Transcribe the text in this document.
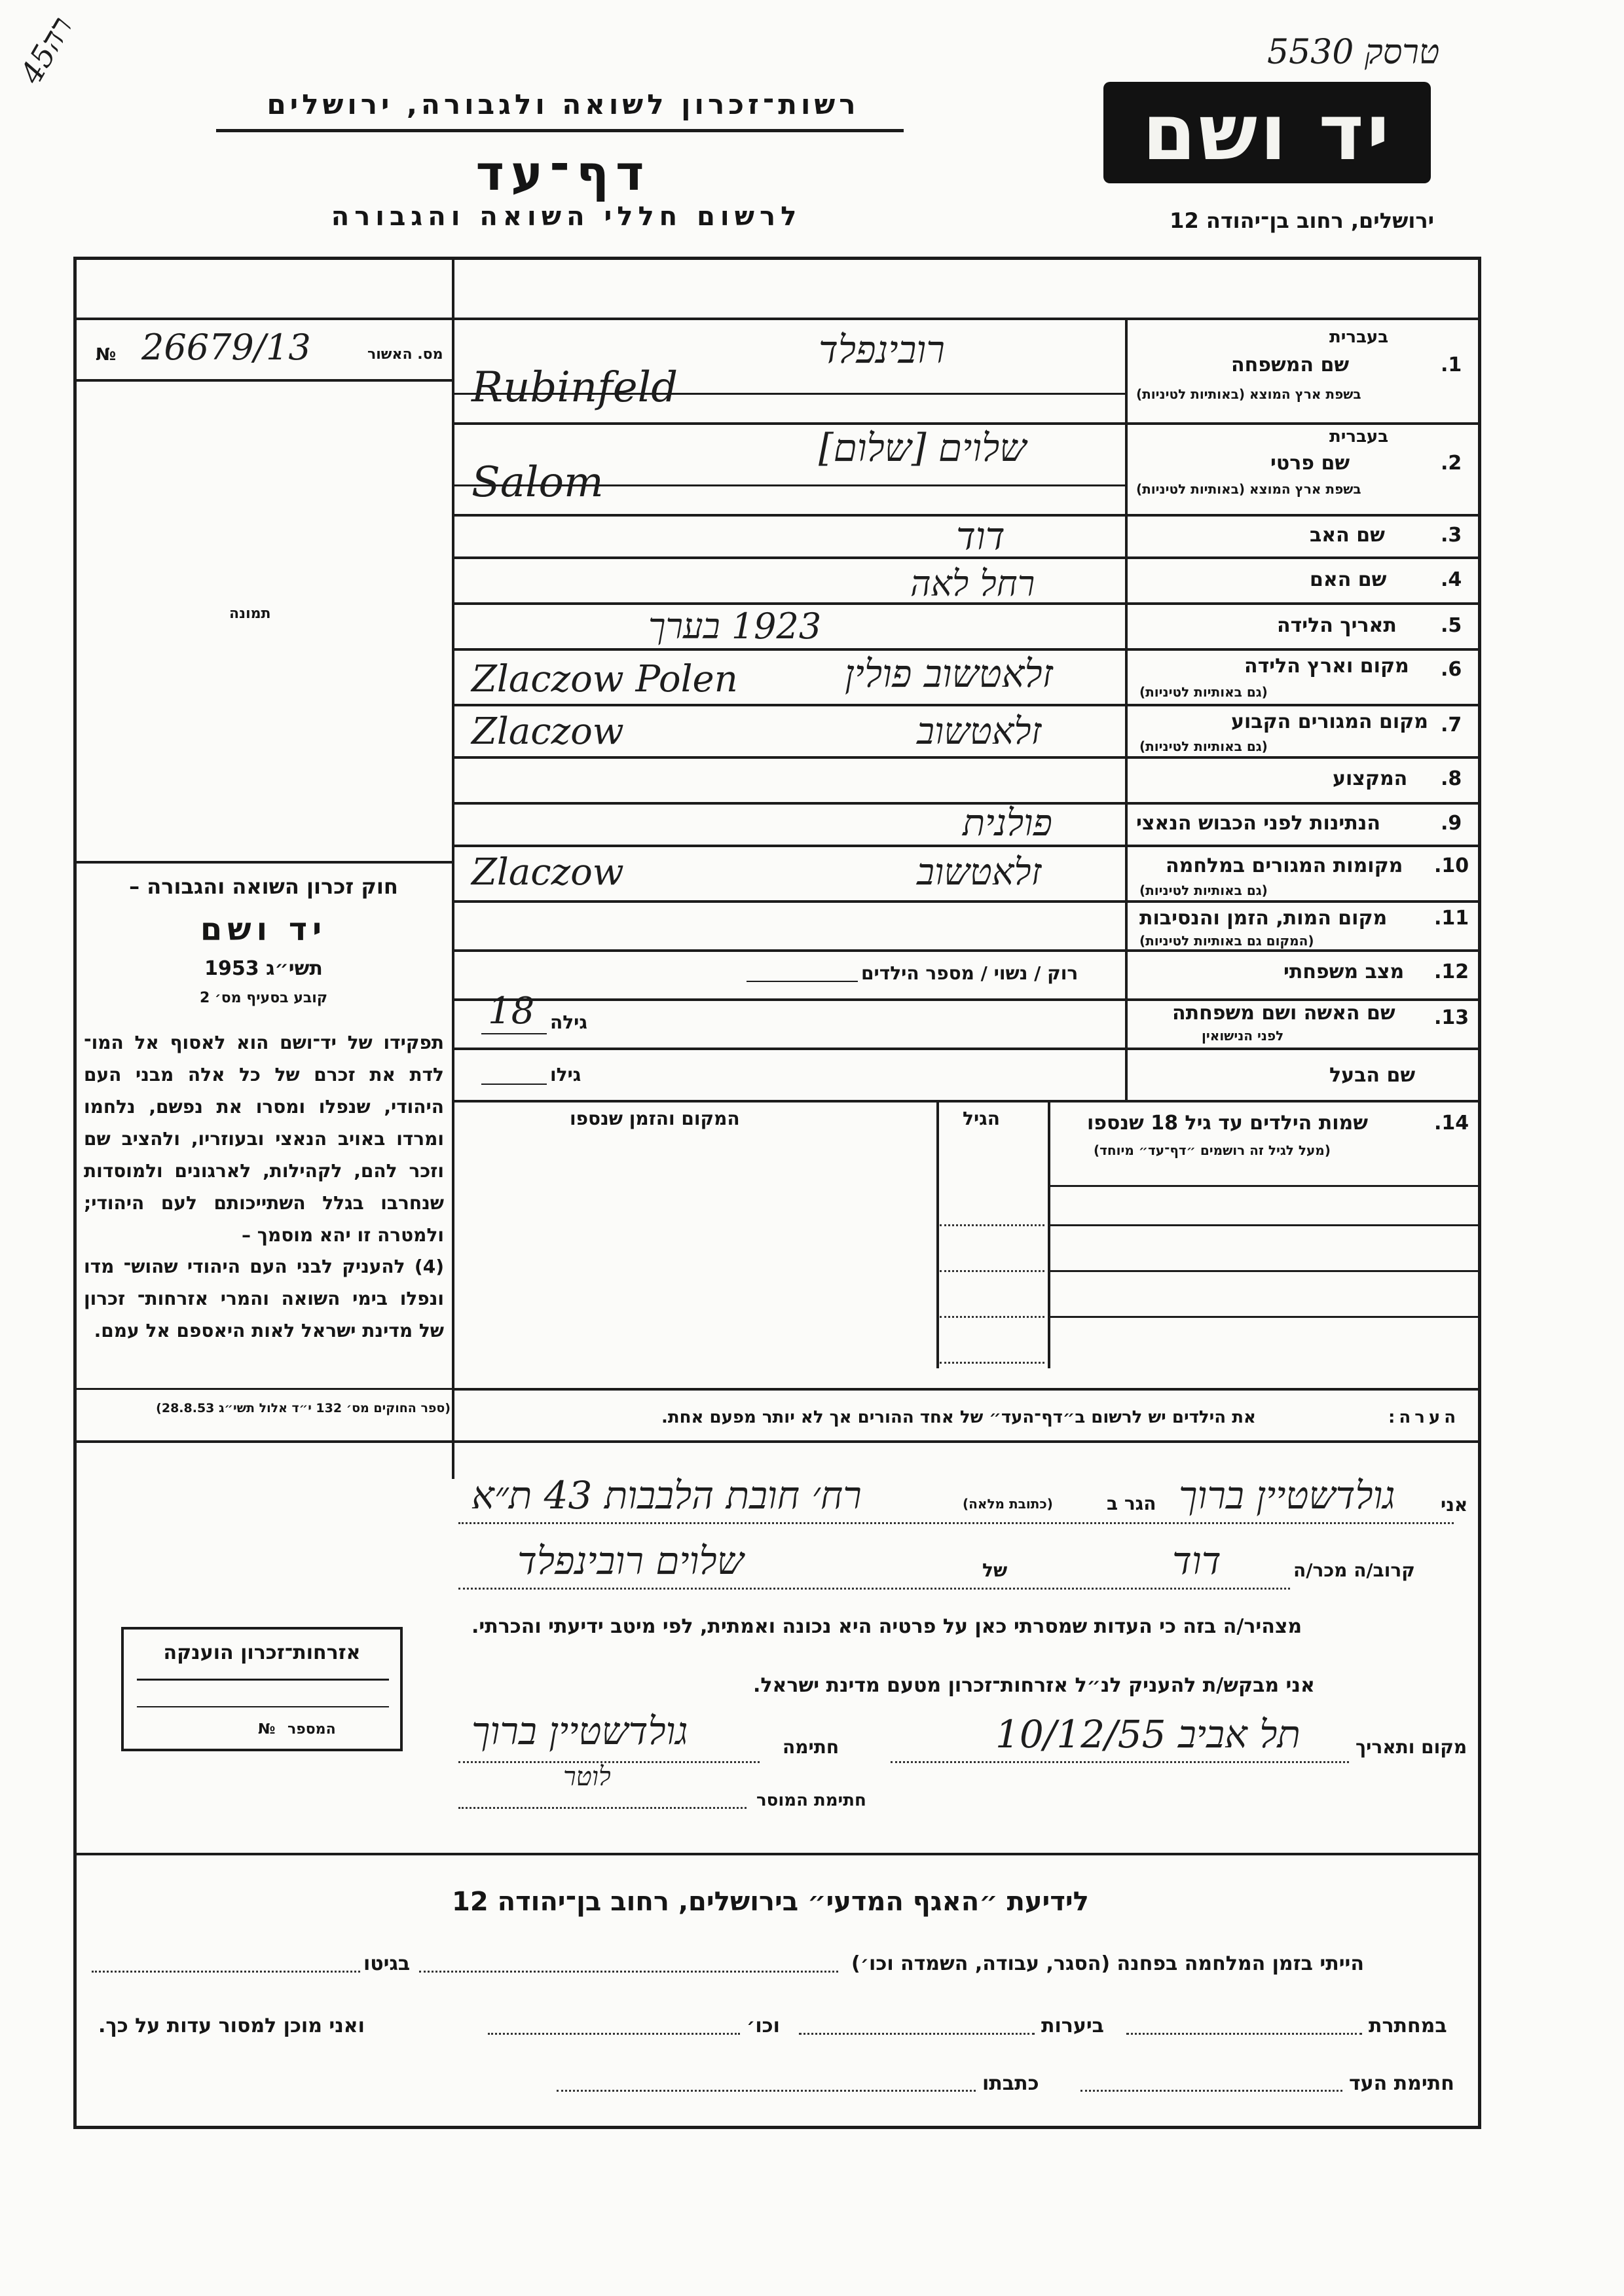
טרסק 5530
רה45
רשות־זכרון לשואה ולגבורה, ירושלים
דף־עד
לרשום חללי השואה והגבורה
יד ושם
ירושלים, רחוב בן־יהודה 12
№ 26679/13	מס. האשור
תמונה
חוק זכרון השואה והגבורה –
יד ושם
תשי״ג 1953
קובע בסעיף מס׳ 2
תפקידו של יד־ושם הוא לאסוף אל המו־ לדת את זכרם של כל אלה מבני העם היהודי, שנפלו ומסרו את נפשם, נלחמו ומרדו באויב הנאצי ובעוזריו, ולהציב שם וזכר להם, לקהילות, לארגונים ולמוסדות שנחרבו בגלל השתייכותם לעם היהודי; ולמטרה זו יהא מוסמך –
(4) להעניק לבני העם היהודי שהוש־ מדו ונפלו בימי השואה והמרי אזרחות־ זכרון של מדינת ישראל לאות היאספם אל עמם.
(ספר החוקים מס׳ 132 י״ד אלול תשי״ג 28.8.53)
בעברית
1.
שם המשפחה
בשפת ארץ המוצא (באותיות לטיניות)
רובינפלד
Rubinfeld
בעברית
2.
שם פרטי
בשפת ארץ המוצא (באותיות לטיניות)
שלוים [שלום]
Salom
3.
שם האב
דוד
4.
שם האם
רחל לאה
5.
תאריך הלידה
1923 בערך
6.
מקום וארץ הלידה
(גם באותיות לטיניות)
זלאטשוב פולין
Zlaczow Polen
7.
מקום המגורים הקבוע
(גם באותיות לטיניות)
זלאטשוב
Zlaczow
8.
המקצוע
9.
הנתינות לפני הכבוש הנאצי
פולנית
10.
מקומות המגורים במלחמה
(גם באותיות לטיניות)
זלאטשוב
Zlaczow
11.
מקום המות, הזמן והנסיבות
(המקום גם באותיות לטיניות)
12.
מצב משפחתי
רוק / נשוי / מספר הילדים
13.
שם האשה ושם משפחתה
לפני הנישואין
גילה
18
שם הבעל
גילו
14.
שמות הילדים עד גיל 18 שנספו
(מעל לגיל זה רושמים ״דף־עד״ מיוחד)
הגיל
המקום והזמן שנספו
הערה:
את הילדים יש לרשום ב״דף־העד״ של אחד ההורים אך לא יותר מפעם אחת.
אני
גולדשטיין ברוך
הגר ב
(כתובת מלאה)
רח׳ חובת הלבבות 43 ת״א
קרוב/ה מכר/ה
דוד
של
שלוים רובינפלד
מצהיר/ה בזה כי העדות שמסרתי כאן על פרטיה היא נכונה ואמתית, לפי מיטב ידיעתי והכרתי.
אני מבקש/ת להעניק לנ״ל אזרחות־זכרון מטעם מדינת ישראל.
מקום ותאריך
תל אביב 10/12/55
חתימה
גולדשטיין ברוך
לוטר
חתימת המוסר
אזרחות־זכרון הוענקה
המספר
№
לידיעת ״האגף המדעי״ בירושלים, רחוב בן־יהודה 12
הייתי בזמן המלחמה בפחנה (הסגר, עבודה, השמדה וכו׳)
בגיטו
במחתרת
ביערות
וכו׳
ואני מוכן למסור עדות על כך.
חתימת העד
כתבתו
